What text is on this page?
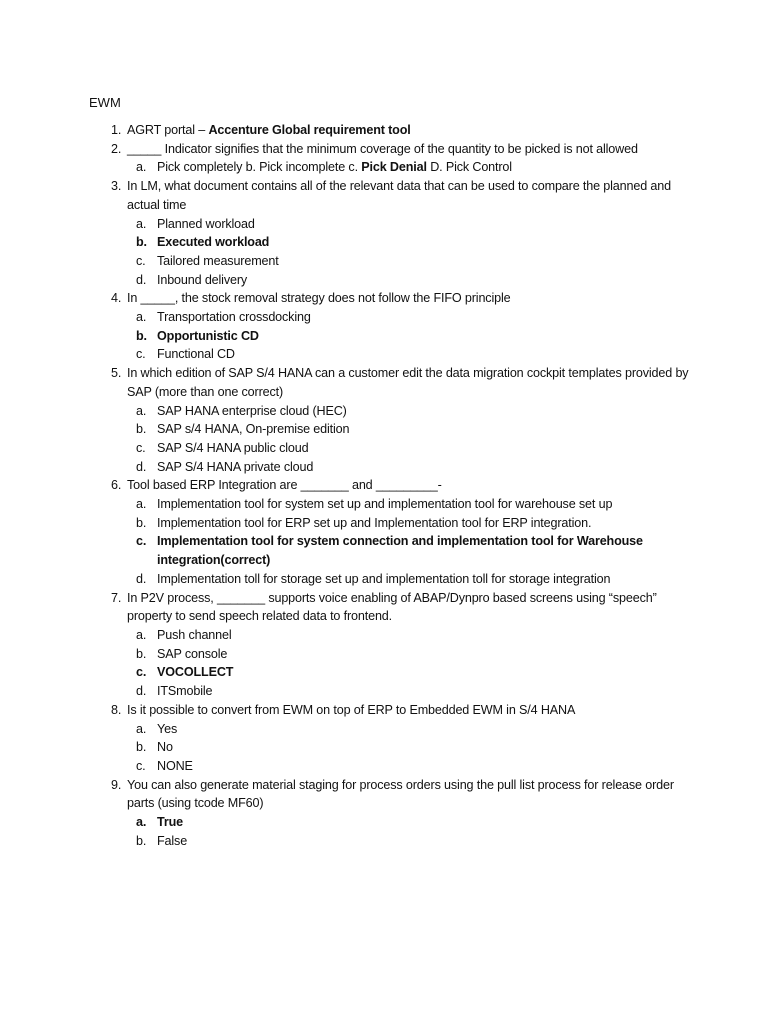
EWM
1. AGRT portal – Accenture Global requirement tool
2. _____ Indicator signifies that the minimum coverage of the quantity to be picked is not allowed
a. Pick completely b. Pick incomplete c. Pick Denial D. Pick Control
3. In LM, what document contains all of the relevant data that can be used to compare the planned and actual time
a. Planned workload
b. Executed workload
c. Tailored measurement
d. Inbound delivery
4. In _____, the stock removal strategy does not follow the FIFO principle
a. Transportation crossdocking
b. Opportunistic CD
c. Functional CD
5. In which edition of SAP S/4 HANA can a customer edit the data migration cockpit templates provided by SAP (more than one correct)
a. SAP HANA enterprise cloud (HEC)
b. SAP s/4 HANA, On-premise edition
c. SAP S/4 HANA public cloud
d. SAP S/4 HANA private cloud
6. Tool based ERP Integration are _______ and _________-
a. Implementation tool for system set up and implementation tool for warehouse set up
b. Implementation tool for ERP set up and Implementation tool for ERP integration.
c. Implementation tool for system connection and implementation tool for Warehouse integration(correct)
d. Implementation toll for storage set up and implementation toll for storage integration
7. In P2V process, _______ supports voice enabling of ABAP/Dynpro based screens using “speech” property to send speech related data to frontend.
a. Push channel
b. SAP console
c. VOCOLLECT
d. ITSmobile
8. Is it possible to convert from EWM on top of ERP to Embedded EWM in S/4 HANA
a. Yes
b. No
c. NONE
9. You can also generate material staging for process orders using the pull list process for release order parts (using tcode MF60)
a. True
b. False
